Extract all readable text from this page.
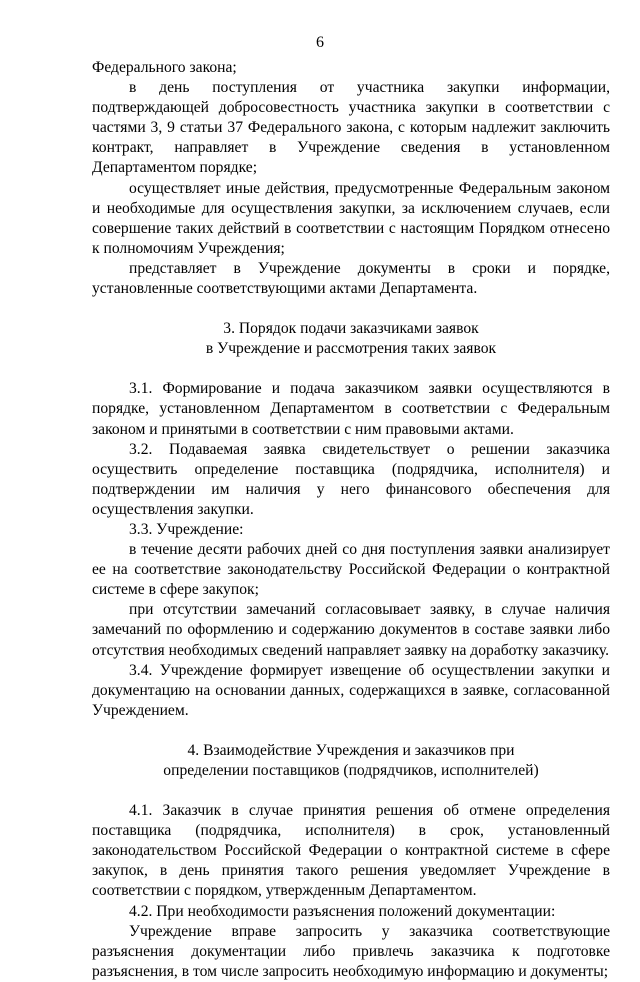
6

Федерального закона;

в день поступления от участника закупки информации, подтверждающей добросовестность участника закупки в соответствии с частями 3, 9 статьи 37 Федерального закона, с которым надлежит заключить контракт, направляет в Учреждение сведения в установленном Департаментом порядке;

осуществляет иные действия, предусмотренные Федеральным законом и необходимые для осуществления закупки, за исключением случаев, если совершение таких действий в соответствии с настоящим Порядком отнесено к полномочиям Учреждения;

представляет в Учреждение документы в сроки и порядке, установленные соответствующими актами Департамента.

3. Порядок подачи заказчиками заявок
в Учреждение и рассмотрения таких заявок

3.1. Формирование и подача заказчиком заявки осуществляются в порядке, установленном Департаментом в соответствии с Федеральным законом и принятыми в соответствии с ним правовыми актами.

3.2. Подаваемая заявка свидетельствует о решении заказчика осуществить определение поставщика (подрядчика, исполнителя) и подтверждении им наличия у него финансового обеспечения для осуществления закупки.

3.3. Учреждение:

в течение десяти рабочих дней со дня поступления заявки анализирует ее на соответствие законодательству Российской Федерации о контрактной системе в сфере закупок;

при отсутствии замечаний согласовывает заявку, в случае наличия замечаний по оформлению и содержанию документов в составе заявки либо отсутствия необходимых сведений направляет заявку на доработку заказчику.

3.4. Учреждение формирует извещение об осуществлении закупки и документацию на основании данных, содержащихся в заявке, согласованной Учреждением.

4. Взаимодействие Учреждения и заказчиков при
определении поставщиков (подрядчиков, исполнителей)

4.1. Заказчик в случае принятия решения об отмене определения поставщика (подрядчика, исполнителя) в срок, установленный законодательством Российской Федерации о контрактной системе в сфере закупок, в день принятия такого решения уведомляет Учреждение в соответствии с порядком, утвержденным Департаментом.

4.2. При необходимости разъяснения положений документации:

Учреждение вправе запросить у заказчика соответствующие разъяснения документации либо привлечь заказчика к подготовке разъяснения, в том числе запросить необходимую информацию и документы;
